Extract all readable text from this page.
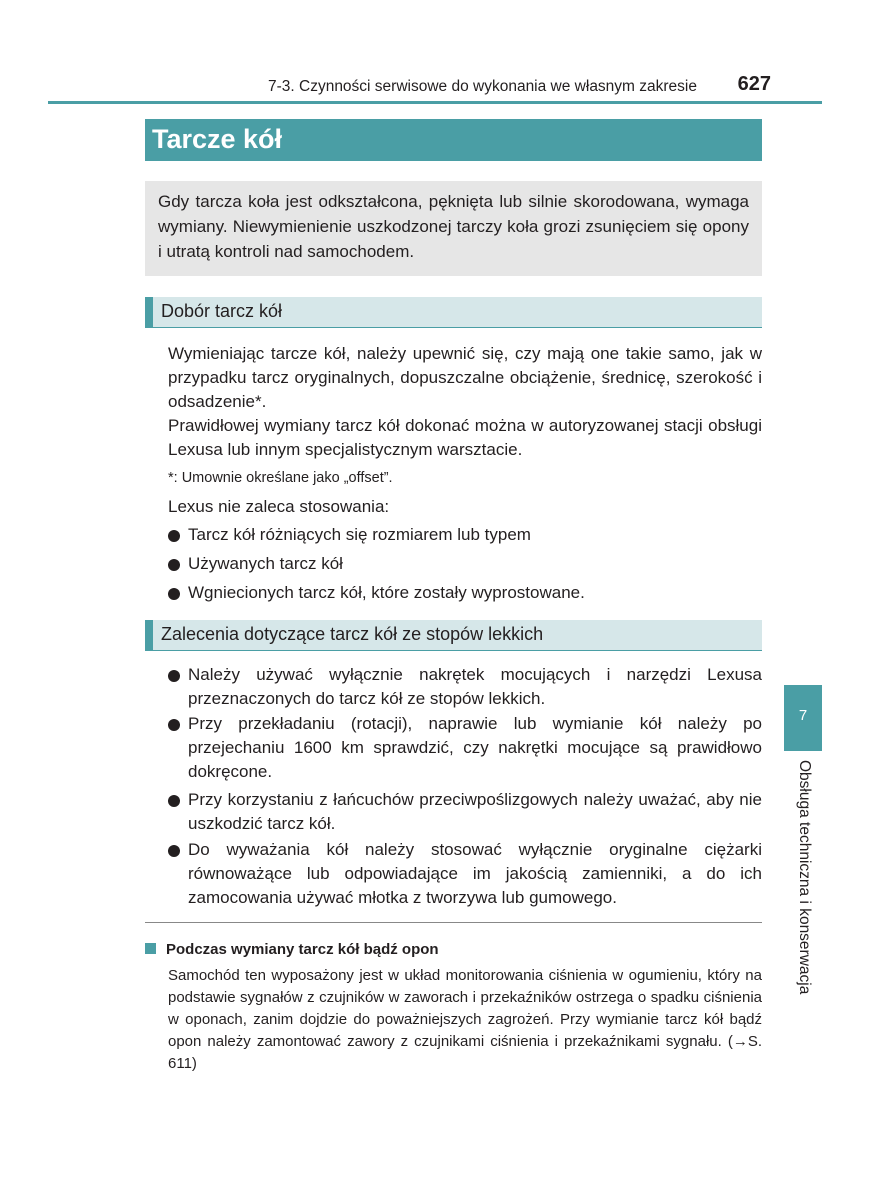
7-3. Czynności serwisowe do wykonania we własnym zakresie 627
Tarcze kół

Gdy tarcza koła jest odkształcona, pęknięta lub silnie skorodowana, wymaga wymiany. Niewymienienie uszkodzonej tarczy koła grozi zsunięciem się opony i utratą kontroli nad samochodem.

Dobór tarcz kół

Wymieniając tarcze kół, należy upewnić się, czy mają one takie samo, jak w przypadku tarcz oryginalnych, dopuszczalne obciążenie, średnicę, szerokość i odsadzenie*.

Prawidłowej wymiany tarcz kół dokonać można w autoryzowanej stacji obsługi Lexusa lub innym specjalistycznym warsztacie.

*: Umownie określane jako „offset”.
Lexus nie zaleca stosowania:
Tarcz kół różniących się rozmiarem lub typem
Używanych tarcz kół
Wgniecionych tarcz kół, które zostały wyprostowane.
Zalecenia dotyczące tarcz kół ze stopów lekkich
Należy używać wyłącznie nakrętek mocujących i narzędzi Lexusa przeznaczonych do tarcz kół ze stopów lekkich.
Przy przekładaniu (rotacji), naprawie lub wymianie kół należy po przejechaniu 1600 km sprawdzić, czy nakrętki mocujące są prawidłowo dokręcone.
Przy korzystaniu z łańcuchów przeciwpoślizgowych należy uważać, aby nie uszkodzić tarcz kół.
Do wyważania kół należy stosować wyłącznie oryginalne ciężarki równoważące lub odpowiadające im jakością zamienniki, a do ich zamocowania używać młotka z tworzywa lub gumowego.
Podczas wymiany tarcz kół bądź opon
Samochód ten wyposażony jest w układ monitorowania ciśnienia w ogumieniu, który na podstawie sygnałów z czujników w zaworach i przekaźników ostrzega o spadku ciśnienia w oponach, zanim dojdzie do poważniejszych zagrożeń. Przy wymianie tarcz kół bądź opon należy zamontować zawory z czujnikami ciśnienia i przekaźnikami sygnału. (→S. 611)
7
Obsługa techniczna i konserwacja
